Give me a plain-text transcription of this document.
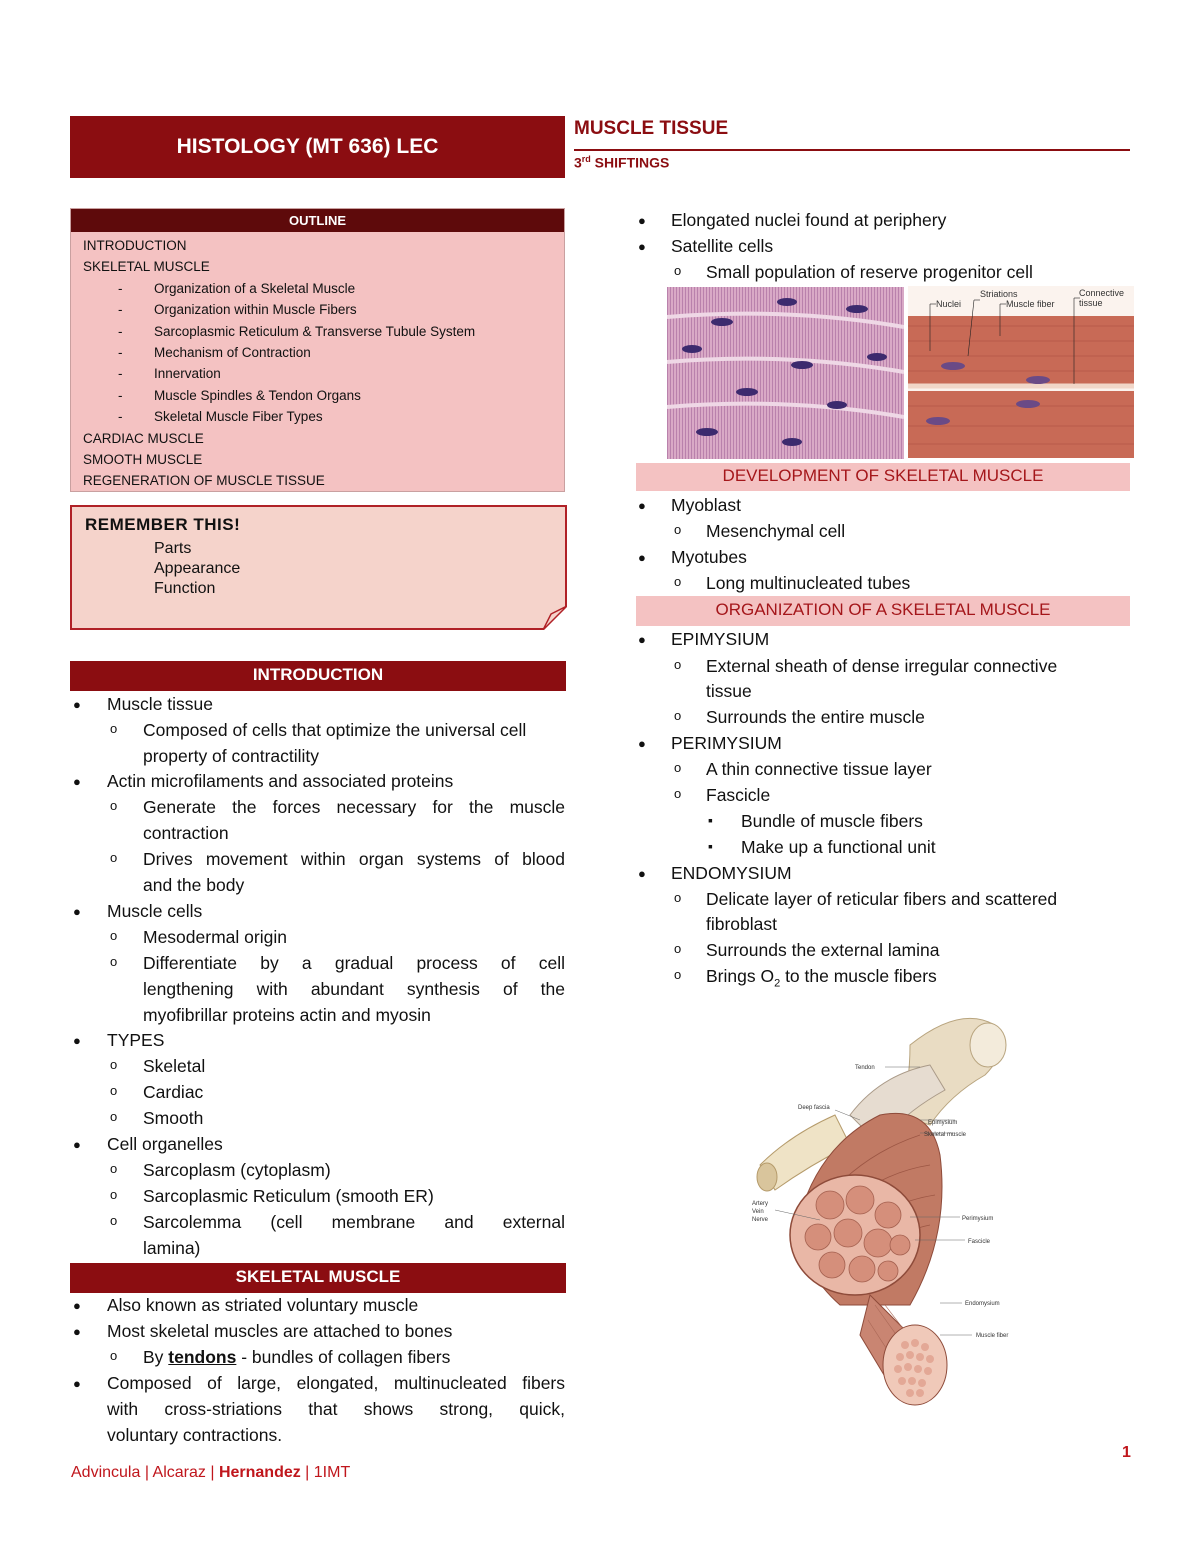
HISTOLOGY (MT 636) LEC
MUSCLE TISSUE
3rd SHIFTINGS
OUTLINE
INTRODUCTION
SKELETAL MUSCLE
-	Organization of a Skeletal Muscle
-	Organization within Muscle Fibers
-	Sarcoplasmic Reticulum & Transverse Tubule System
-	Mechanism of Contraction
-	Innervation
-	Muscle Spindles & Tendon Organs
-	Skeletal Muscle Fiber Types
CARDIAC MUSCLE
SMOOTH MUSCLE
REGENERATION OF MUSCLE TISSUE
REMEMBER THIS!
Parts
Appearance
Function
INTRODUCTION
● Muscle tissue
o Composed of cells that optimize the universal cell
property of contractility
● Actin microfilaments and associated proteins
o Generate the forces necessary for the muscle
contraction
o Drives movement within organ systems of blood
and the body
● Muscle cells
o Mesodermal origin
o Differentiate by a gradual process of cell
lengthening with abundant synthesis of the
myofibrillar proteins actin and myosin
● TYPES
o Skeletal
o Cardiac
o Smooth
● Cell organelles
o Sarcoplasm (cytoplasm)
o Sarcoplasmic Reticulum (smooth ER)
o Sarcolemma (cell membrane and external
lamina)
SKELETAL MUSCLE
● Also known as striated voluntary muscle
● Most skeletal muscles are attached to bones
o By tendons - bundles of collagen fibers
● Composed of large, elongated, multinucleated fibers
with cross-striations that shows strong, quick,
voluntary contractions.
● Elongated nuclei found at periphery
● Satellite cells
o Small population of reserve progenitor cell
Nuclei
Striations
Muscle fiber
Connective
tissue
DEVELOPMENT OF SKELETAL MUSCLE
● Myoblast
o Mesenchymal cell
● Myotubes
o Long multinucleated tubes
ORGANIZATION OF A SKELETAL MUSCLE
● EPIMYSIUM
o External sheath of dense irregular connective
tissue
o Surrounds the entire muscle
● PERIMYSIUM
o A thin connective tissue layer
o Fascicle
▪ Bundle of muscle fibers
▪ Make up a functional unit
● ENDOMYSIUM
o Delicate layer of reticular fibers and scattered
fibroblast
o Surrounds the external lamina
o Brings $O_2$ to the muscle fibers
Tendon
Deep fascia
Epimysium
Skeletal muscle
Artery
Vein
Nerve	Perimysium
Fascicle
Endomysium
Muscle fiber
Advincula | Alcaraz | Hernandez | 1IMT
1
